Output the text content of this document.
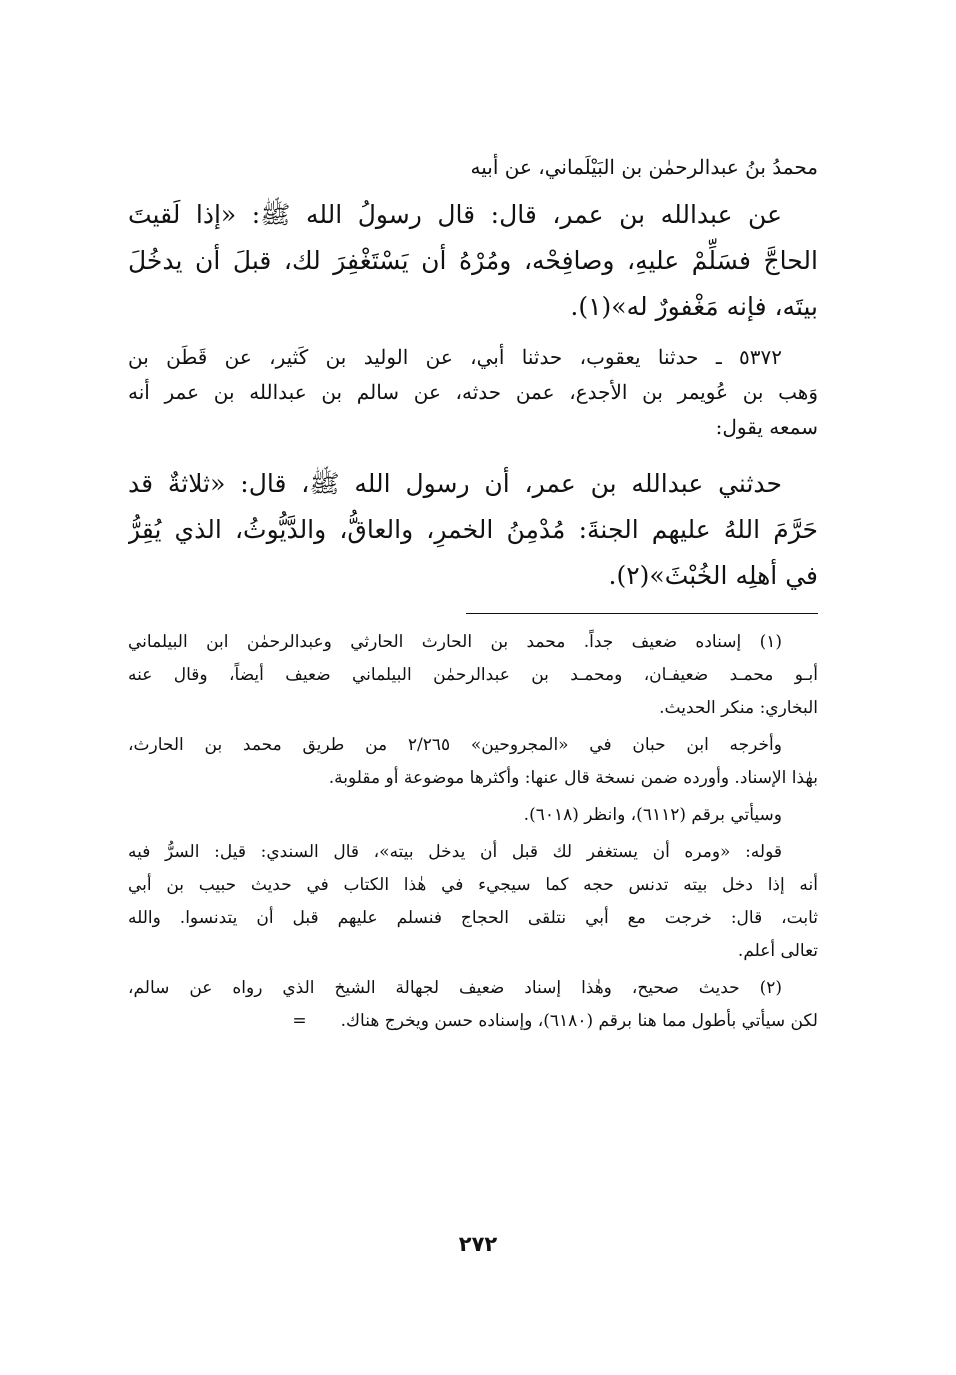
محمدُ بنُ عبدالرحمٰن بن البَيْلَماني، عن أبيه
عن عبدالله بن عمر، قال: قال رسولُ الله ﷺ: «إذا لَقيتَ
الحاجَّ فسَلِّمْ عليهِ، وصافِحْه، ومُرْهُ أن يَسْتَغْفِرَ لك، قبلَ أن يدخُلَ
بيتَه، فإنه مَغْفورٌ له»(١).
٥٣٧٢ ـ حدثنا يعقوب، حدثنا أبي، عن الوليد بن كَثير، عن قَطَن بن
وَهب بن عُويمر بن الأجدع، عمن حدثه، عن سالم بن عبدالله بن عمر أنه
سمعه يقول:
حدثني عبدالله بن عمر، أن رسول الله ﷺ، قال: «ثلاثةٌ قد
حَرَّمَ اللهُ عليهم الجنةَ: مُدْمِنُ الخمرِ، والعاقُّ، والدَّيُّوثُ، الذي يُقِرُّ
في أهلِه الخُبْثَ»(٢).
(١) إسناده ضعيف جداً. محمد بن الحارث الحارثي وعبدالرحمٰن ابن البيلماني
أبـو محمـد ضعيفـان، ومحمـد بن عبدالرحمٰن البيلماني ضعيف أيضاً، وقال عنه
البخاري: منكر الحديث.
وأخرجه ابن حبان في «المجروحين» ٢/٢٦٥ من طريق محمد بن الحارث،
بهٰذا الإسناد. وأورده ضمن نسخة قال عنها: وأكثرها موضوعة أو مقلوبة.
وسيأتي برقم (٦١١٢)، وانظر (٦٠١٨).
قوله: «ومره أن يستغفر لك قبل أن يدخل بيته»، قال السندي: قيل: السرُّ فيه
أنه إذا دخل بيته تدنس حجه كما سيجيء في هٰذا الكتاب في حديث حبيب بن أبي
ثابت، قال: خرجت مع أبي نتلقى الحجاج فنسلم عليهم قبل أن يتدنسوا. والله
تعالى أعلم.
(٢) حديث صحيح، وهٰذا إسناد ضعيف لجهالة الشيخ الذي رواه عن سالم،
لكن سيأتي بأطول مما هنا برقم (٦١٨٠)، وإسناده حسن ويخرج هناك.=
٢٧٢
